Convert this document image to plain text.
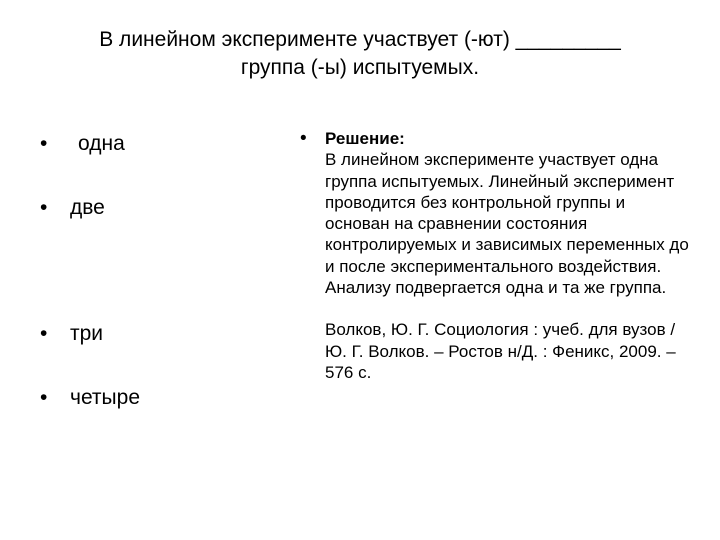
В линейном эксперименте участвует (-ют) _________
группа (-ы) испытуемых.
• одна
• две
• три
• четыре
• Решение:
В линейном эксперименте участвует одна группа испытуемых. Линейный эксперимент проводится без контрольной группы и основан на сравнении состояния контролируемых и зависимых переменных до и после экспериментального воздействия. Анализу подвергается одна и та же группа.
Волков, Ю. Г. Социология : учеб. для вузов / Ю. Г. Волков. – Ростов н/Д. : Феникс, 2009. – 576 с.
